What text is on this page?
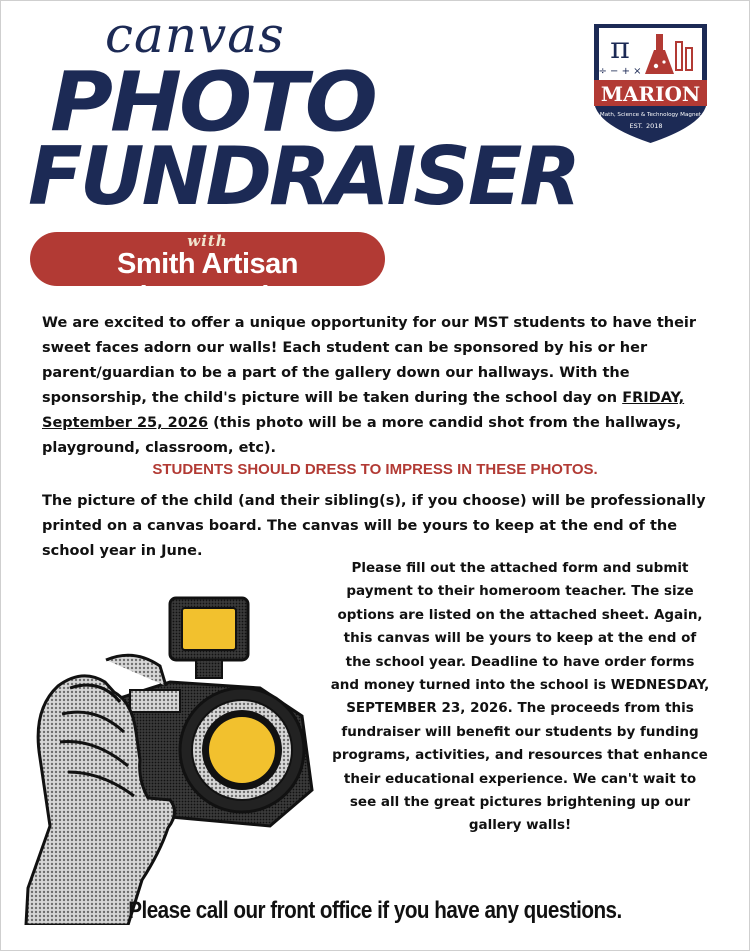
canvas
PHOTO
FUNDRAISER
π
÷ − + ×
MARION
Math, Science & Technology Magnet
EST. 2018
with
Smith Artisan Photography
We are excited to offer a unique opportunity for our MST students to have their sweet faces adorn our walls! Each student can be sponsored by his or her parent/guardian to be a part of the gallery down our hallways. With the sponsorship, the child's picture will be taken during the school day on FRIDAY, September 25, 2026 (this photo will be a more candid shot from the hallways, playground, classroom, etc).
STUDENTS SHOULD DRESS TO IMPRESS IN THESE PHOTOS.
The picture of the child (and their sibling(s), if you choose) will be professionally printed on a canvas board. The canvas will be yours to keep at the end of the school year in June.
Please fill out the attached form and submit payment to their homeroom teacher. The size options are listed on the attached sheet. Again, this canvas will be yours to keep at the end of the school year. Deadline to have order forms and money turned into the school is WEDNESDAY, SEPTEMBER 23, 2026. The proceeds from this fundraiser will benefit our students by funding programs, activities, and resources that enhance their educational experience. We can't wait to see all the great pictures brightening up our gallery walls!
Please call our front office if you have any questions.
